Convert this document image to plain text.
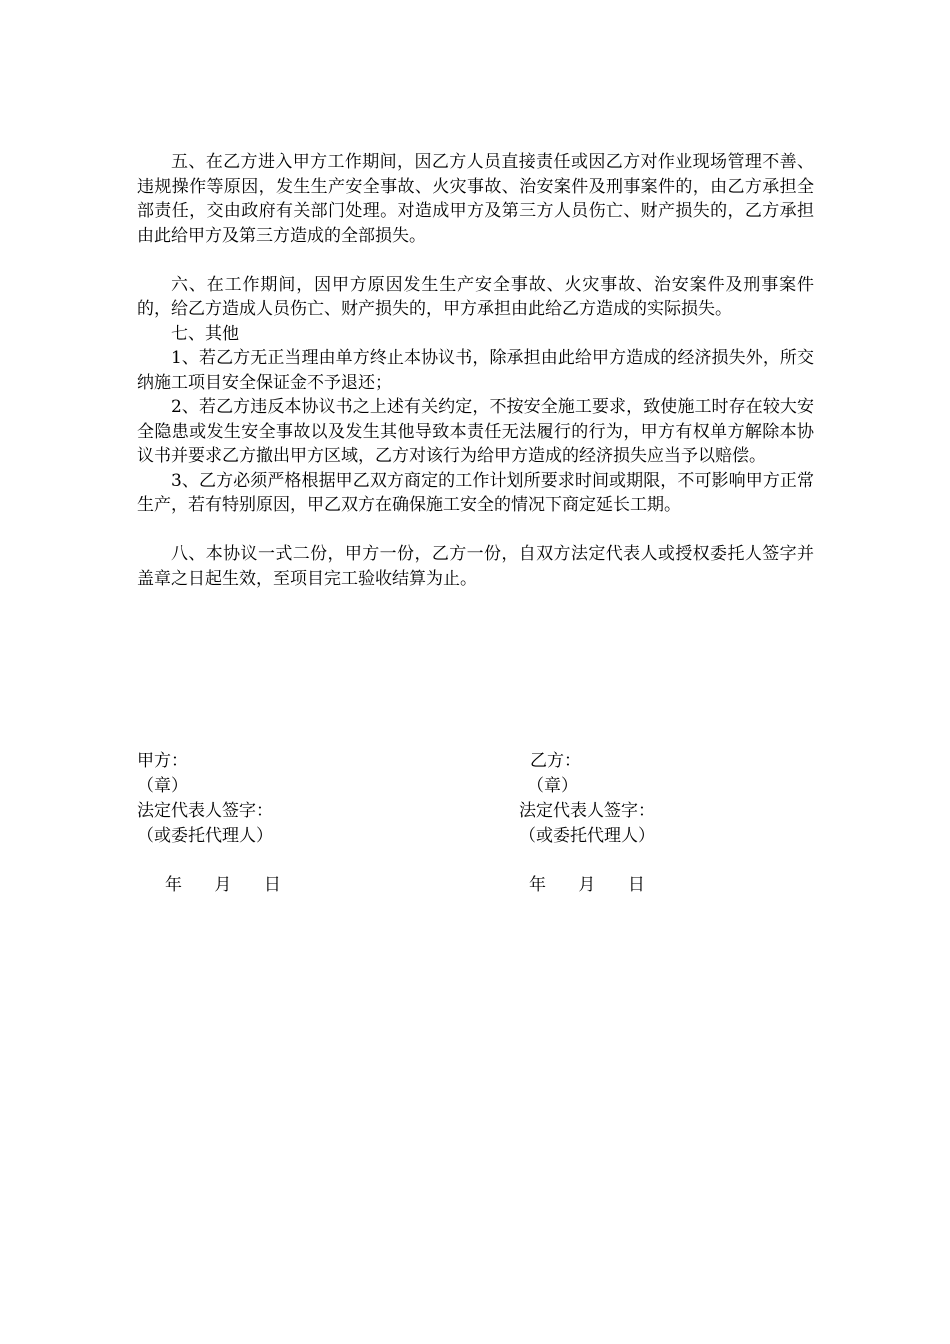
五、在乙方进入甲方工作期间，因乙方人员直接责任或因乙方对作业现场管理不善、违规操作等原因，发生生产安全事故、火灾事故、治安案件及刑事案件的，由乙方承担全部责任，交由政府有关部门处理。对造成甲方及第三方人员伤亡、财产损失的，乙方承担由此给甲方及第三方造成的全部损失。

六、在工作期间，因甲方原因发生生产安全事故、火灾事故、治安案件及刑事案件的，给乙方造成人员伤亡、财产损失的，甲方承担由此给乙方造成的实际损失。

七、其他

1、若乙方无正当理由单方终止本协议书，除承担由此给甲方造成的经济损失外，所交纳施工项目安全保证金不予退还；

2、若乙方违反本协议书之上述有关约定，不按安全施工要求，致使施工时存在较大安全隐患或发生安全事故以及发生其他导致本责任无法履行的行为，甲方有权单方解除本协议书并要求乙方撤出甲方区域，乙方对该行为给甲方造成的经济损失应当予以赔偿。

3、乙方必须严格根据甲乙双方商定的工作计划所要求时间或期限，不可影响甲方正常生产，若有特别原因，甲乙双方在确保施工安全的情况下商定延长工期。

八、本协议一式二份，甲方一份，乙方一份，自双方法定代表人或授权委托人签字并盖章之日起生效，至项目完工验收结算为止。

甲方：

（章）

法定代表人签字：

（或委托代理人）

乙方：

（章）

法定代表人签字：

（或委托代理人）

年      月      日	年      月      日
